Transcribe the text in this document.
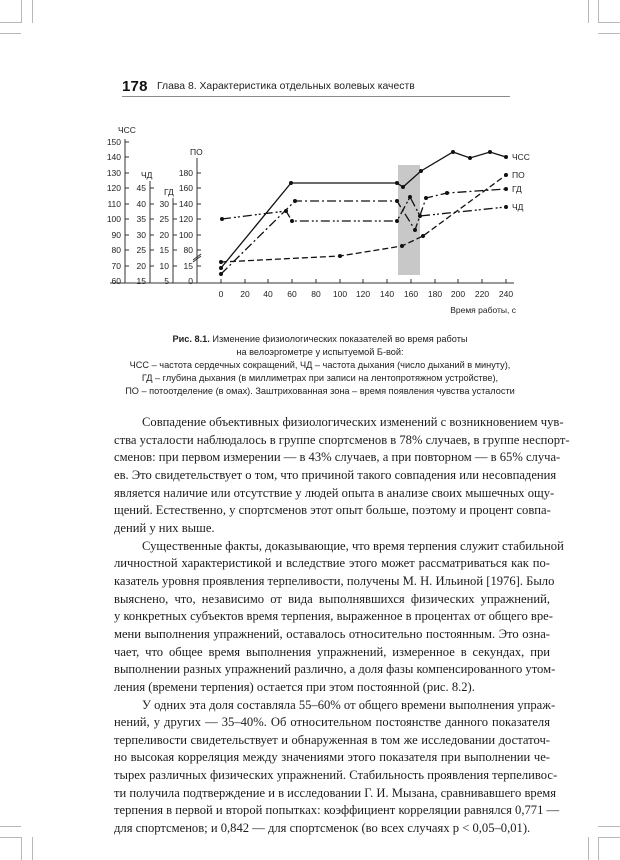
178 Глава 8. Характеристика отдельных волевых качеств
ЧСС
150
140
130
120
110
100
90
80
70
60
ЧД
45
40
35
30
25
20
15
ГД
30
25
20
15
10
5
ПО
180
160
140
120
100
80
15
0
0 20 40 60 80 100 120 140 160 180 200 220 240
Время работы, с
ЧСС
ГД
ЧД
ПО
Рис. 8.1. Изменение физиологических показателей во время работы
на велоэргометре у испытуемой Б-вой:
ЧСС – частота сердечных сокращений, ЧД – частота дыхания (число дыханий в минуту),
ГД – глубина дыхания (в миллиметрах при записи на лентопротяжном устройстве),
ПО – потоотделение (в омах). Заштрихованная зона – время появления чувства усталости

Совпадение объективных физиологических изменений с возникновением чув-
ства усталости наблюдалось в группе спортсменов в 78% случаев, в группе неспорт-
сменов: при первом измерении — в 43% случаев, а при повторном — в 65% случа-
ев. Это свидетельствует о том, что причиной такого совпадения или несовпадения
является наличие или отсутствие у людей опыта в анализе своих мышечных ощу-
щений. Естественно, у спортсменов этот опыт больше, поэтому и процент совпа-
дений у них выше.

Существенные факты, доказывающие, что время терпения служит стабильной
личностной характеристикой и вследствие этого может рассматриваться как по-
казатель уровня проявления терпеливости, получены М. Н. Ильиной [1976]. Было
выяснено, что, независимо от вида выполнявшихся физических упражнений,
у конкретных субъектов время терпения, выраженное в процентах от общего вре-
мени выполнения упражнений, оставалось относительно постоянным. Это озна-
чает, что общее время выполнения упражнений, измеренное в секундах, при
выполнении разных упражнений различно, а доля фазы компенсированного утом-
ления (времени терпения) остается при этом постоянной (рис. 8.2).

У одних эта доля составляла 55–60% от общего времени выполнения упраж-
нений, у других — 35–40%. Об относительном постоянстве данного показателя
терпеливости свидетельствует и обнаруженная в том же исследовании достаточ-
но высокая корреляция между значениями этого показателя при выполнении че-
тырех различных физических упражнений. Стабильность проявления терпеливос-
ти получила подтверждение и в исследовании Г. И. Мызана, сравнивавшего время
терпения в первой и второй попытках: коэффициент корреляции равнялся 0,771 —
для спортсменов; и 0,842 — для спортсменок (во всех случаях p < 0,05–0,01).
